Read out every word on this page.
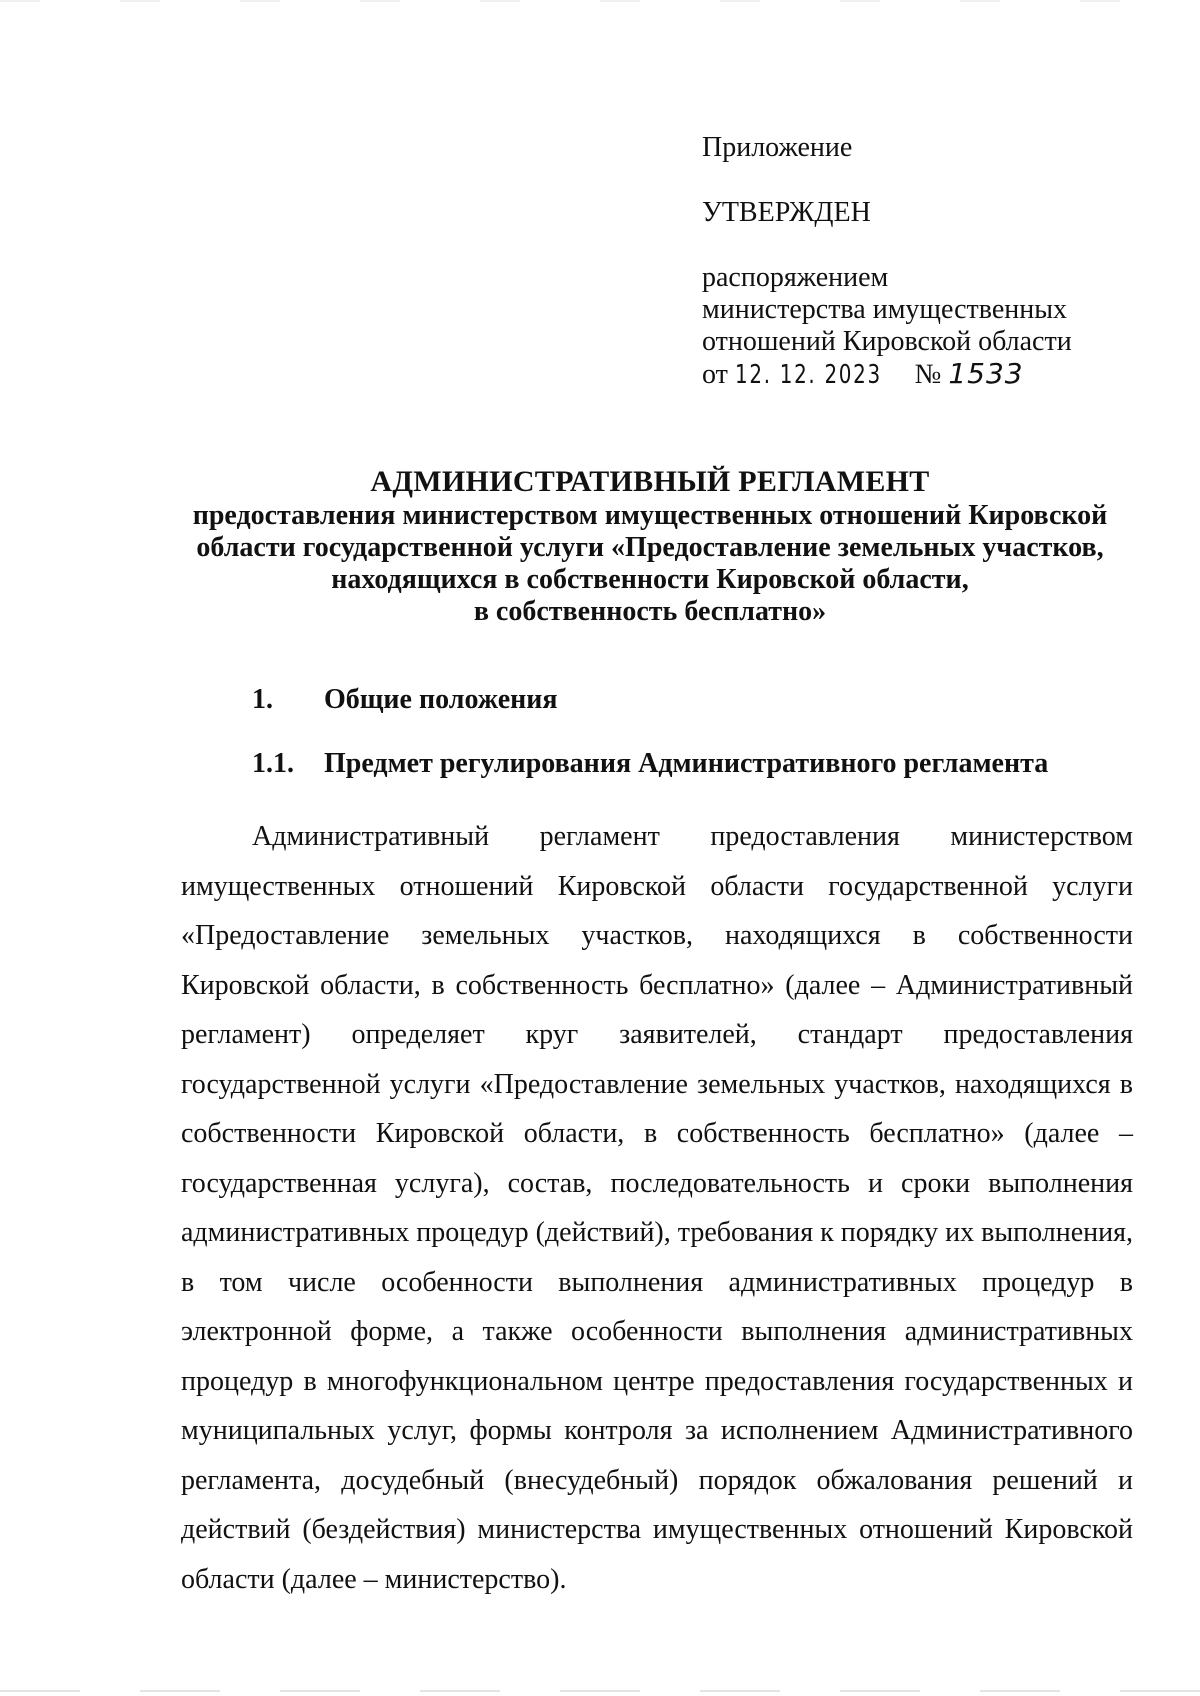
Приложение
УТВЕРЖДЕН
распоряжением
министерства имущественных
отношений Кировской области
от 12. 12. 2023 № 1533
АДМИНИСТРАТИВНЫЙ РЕГЛАМЕНТ
предоставления министерством имущественных отношений Кировской
области государственной услуги «Предоставление земельных участков,
находящихся в собственности Кировской области,
в собственность бесплатно»
1. Общие положения
1.1. Предмет регулирования Административного регламента

Административный регламент предоставления министерством имущественных отношений Кировской области государственной услуги «Предоставление земельных участков, находящихся в собственности Кировской области, в собственность бесплатно» (далее – Административный регламент) определяет круг заявителей, стандарт предоставления государственной услуги «Предоставление земельных участков, находящихся в собственности Кировской области, в собственность бесплатно» (далее – государственная услуга), состав, последовательность и сроки выполнения административных процедур (действий), требования к порядку их выполнения, в том числе особенности выполнения административных процедур в электронной форме, а также особенности выполнения административных процедур в многофункциональном центре предоставления государственных и муниципальных услуг, формы контроля за исполнением Административного регламента, досудебный (внесудебный) порядок обжалования решений и действий (бездействия) министерства имущественных отношений Кировской области (далее – министерство).
